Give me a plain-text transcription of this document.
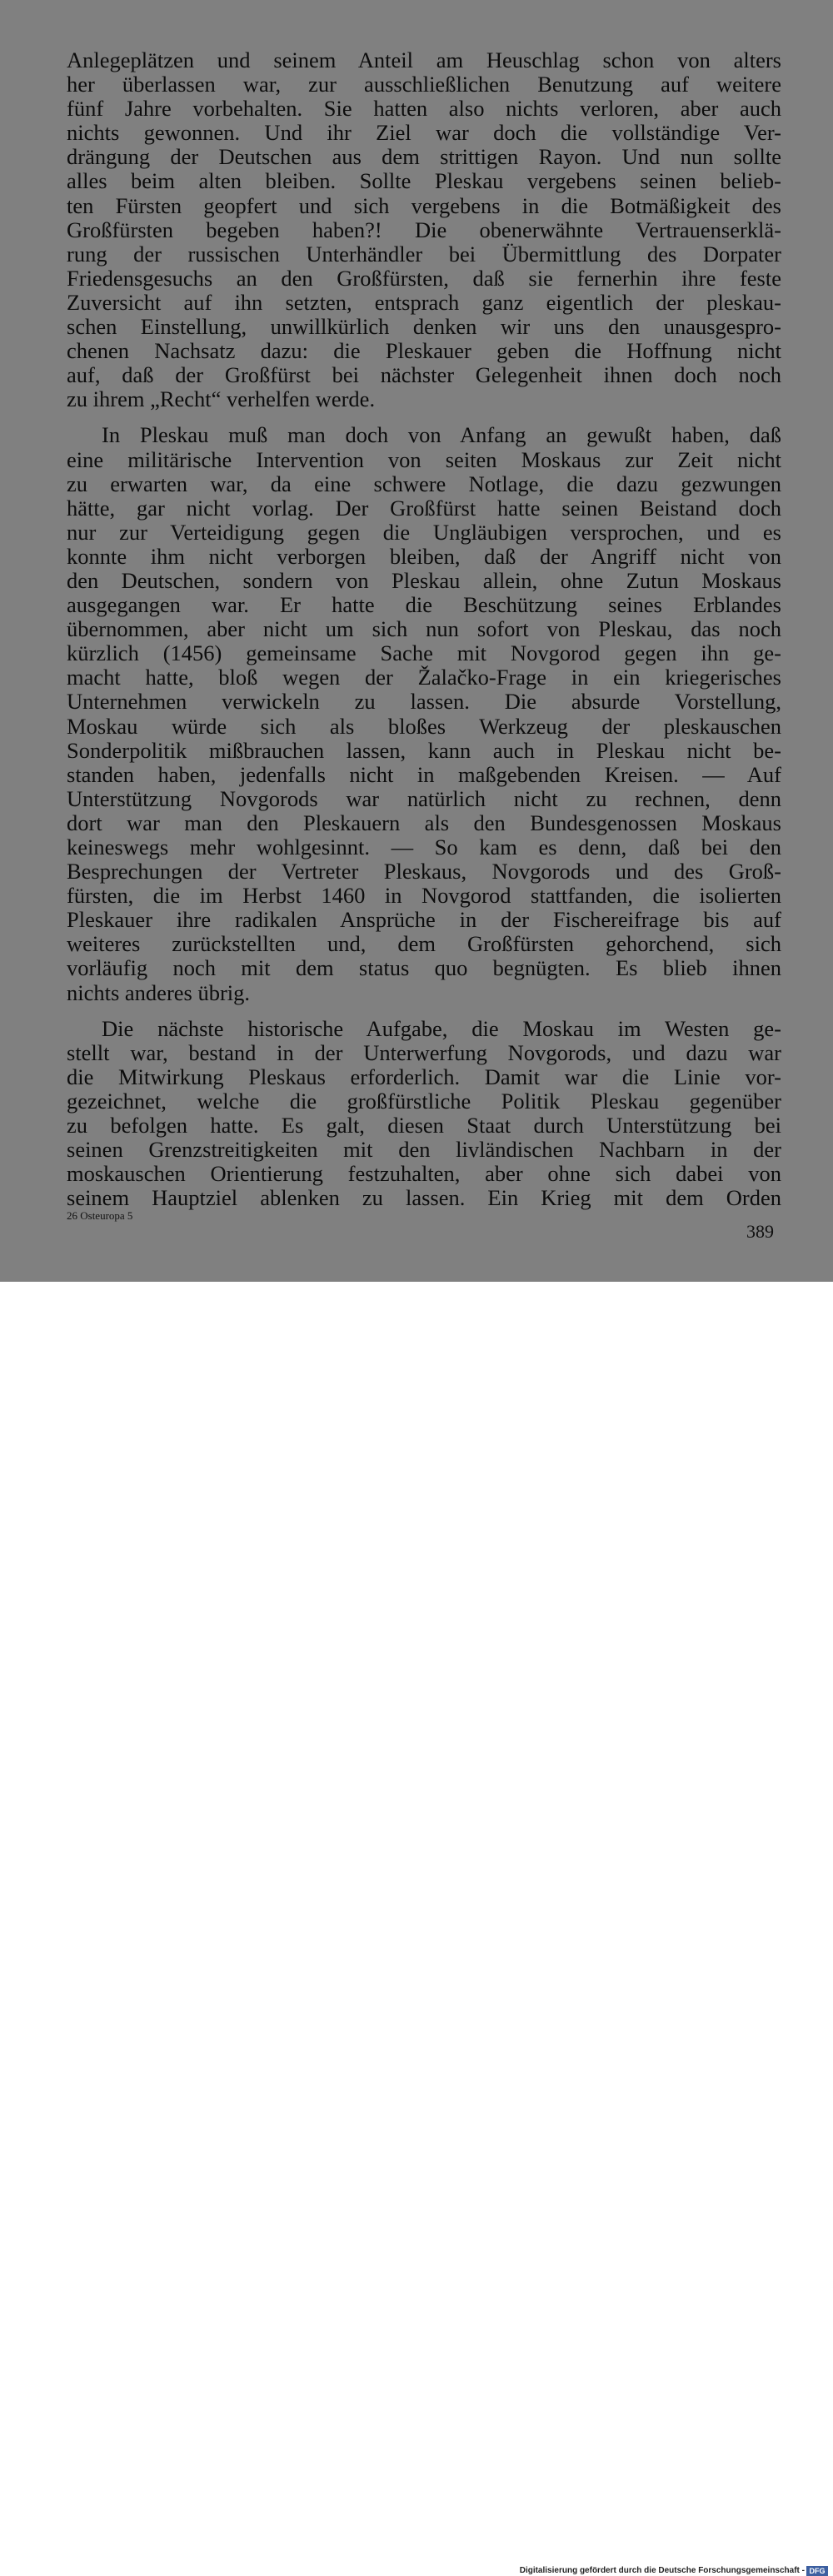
Anlegeplätzen und seinem Anteil am Heuschlag schon von alters
her überlassen war, zur ausschließlichen Benutzung auf weitere
fünf Jahre vorbehalten. Sie hatten also nichts verloren, aber auch
nichts gewonnen. Und ihr Ziel war doch die vollständige Ver-
drängung der Deutschen aus dem strittigen Rayon. Und nun sollte
alles beim alten bleiben. Sollte Pleskau vergebens seinen belieb-
ten Fürsten geopfert und sich vergebens in die Botmäßigkeit des
Großfürsten begeben haben?! Die obenerwähnte Vertrauenserklä-
rung der russischen Unterhändler bei Übermittlung des Dorpater
Friedensgesuchs an den Großfürsten, daß sie fernerhin ihre feste
Zuversicht auf ihn setzten, entsprach ganz eigentlich der pleskau-
schen Einstellung, unwillkürlich denken wir uns den unausgespro-
chenen Nachsatz dazu: die Pleskauer geben die Hoffnung nicht
auf, daß der Großfürst bei nächster Gelegenheit ihnen doch noch
zu ihrem „Recht“ verhelfen werde.
In Pleskau muß man doch von Anfang an gewußt haben, daß
eine militärische Intervention von seiten Moskaus zur Zeit nicht
zu erwarten war, da eine schwere Notlage, die dazu gezwungen
hätte, gar nicht vorlag. Der Großfürst hatte seinen Beistand doch
nur zur Verteidigung gegen die Ungläubigen versprochen, und es
konnte ihm nicht verborgen bleiben, daß der Angriff nicht von
den Deutschen, sondern von Pleskau allein, ohne Zutun Moskaus
ausgegangen war. Er hatte die Beschützung seines Erblandes
übernommen, aber nicht um sich nun sofort von Pleskau, das noch
kürzlich (1456) gemeinsame Sache mit Novgorod gegen ihn ge-
macht hatte, bloß wegen der Žalačko-Frage in ein kriegerisches
Unternehmen verwickeln zu lassen. Die absurde Vorstellung,
Moskau würde sich als bloßes Werkzeug der pleskauschen
Sonderpolitik mißbrauchen lassen, kann auch in Pleskau nicht be-
standen haben, jedenfalls nicht in maßgebenden Kreisen. — Auf
Unterstützung Novgorods war natürlich nicht zu rechnen, denn
dort war man den Pleskauern als den Bundesgenossen Moskaus
keineswegs mehr wohlgesinnt. — So kam es denn, daß bei den
Besprechungen der Vertreter Pleskaus, Novgorods und des Groß-
fürsten, die im Herbst 1460 in Novgorod stattfanden, die isolierten
Pleskauer ihre radikalen Ansprüche in der Fischereifrage bis auf
weiteres zurückstellten und, dem Großfürsten gehorchend, sich
vorläufig noch mit dem status quo begnügten. Es blieb ihnen
nichts anderes übrig.
Die nächste historische Aufgabe, die Moskau im Westen ge-
stellt war, bestand in der Unterwerfung Novgorods, und dazu war
die Mitwirkung Pleskaus erforderlich. Damit war die Linie vor-
gezeichnet, welche die großfürstliche Politik Pleskau gegenüber
zu befolgen hatte. Es galt, diesen Staat durch Unterstützung bei
seinen Grenzstreitigkeiten mit den livländischen Nachbarn in der
moskauschen Orientierung festzuhalten, aber ohne sich dabei von
seinem Hauptziel ablenken zu lassen. Ein Krieg mit dem Orden
26 Osteuropa 5
389
Digitalisierung gefördert durch die Deutsche Forschungsgemeinschaft - DFG
